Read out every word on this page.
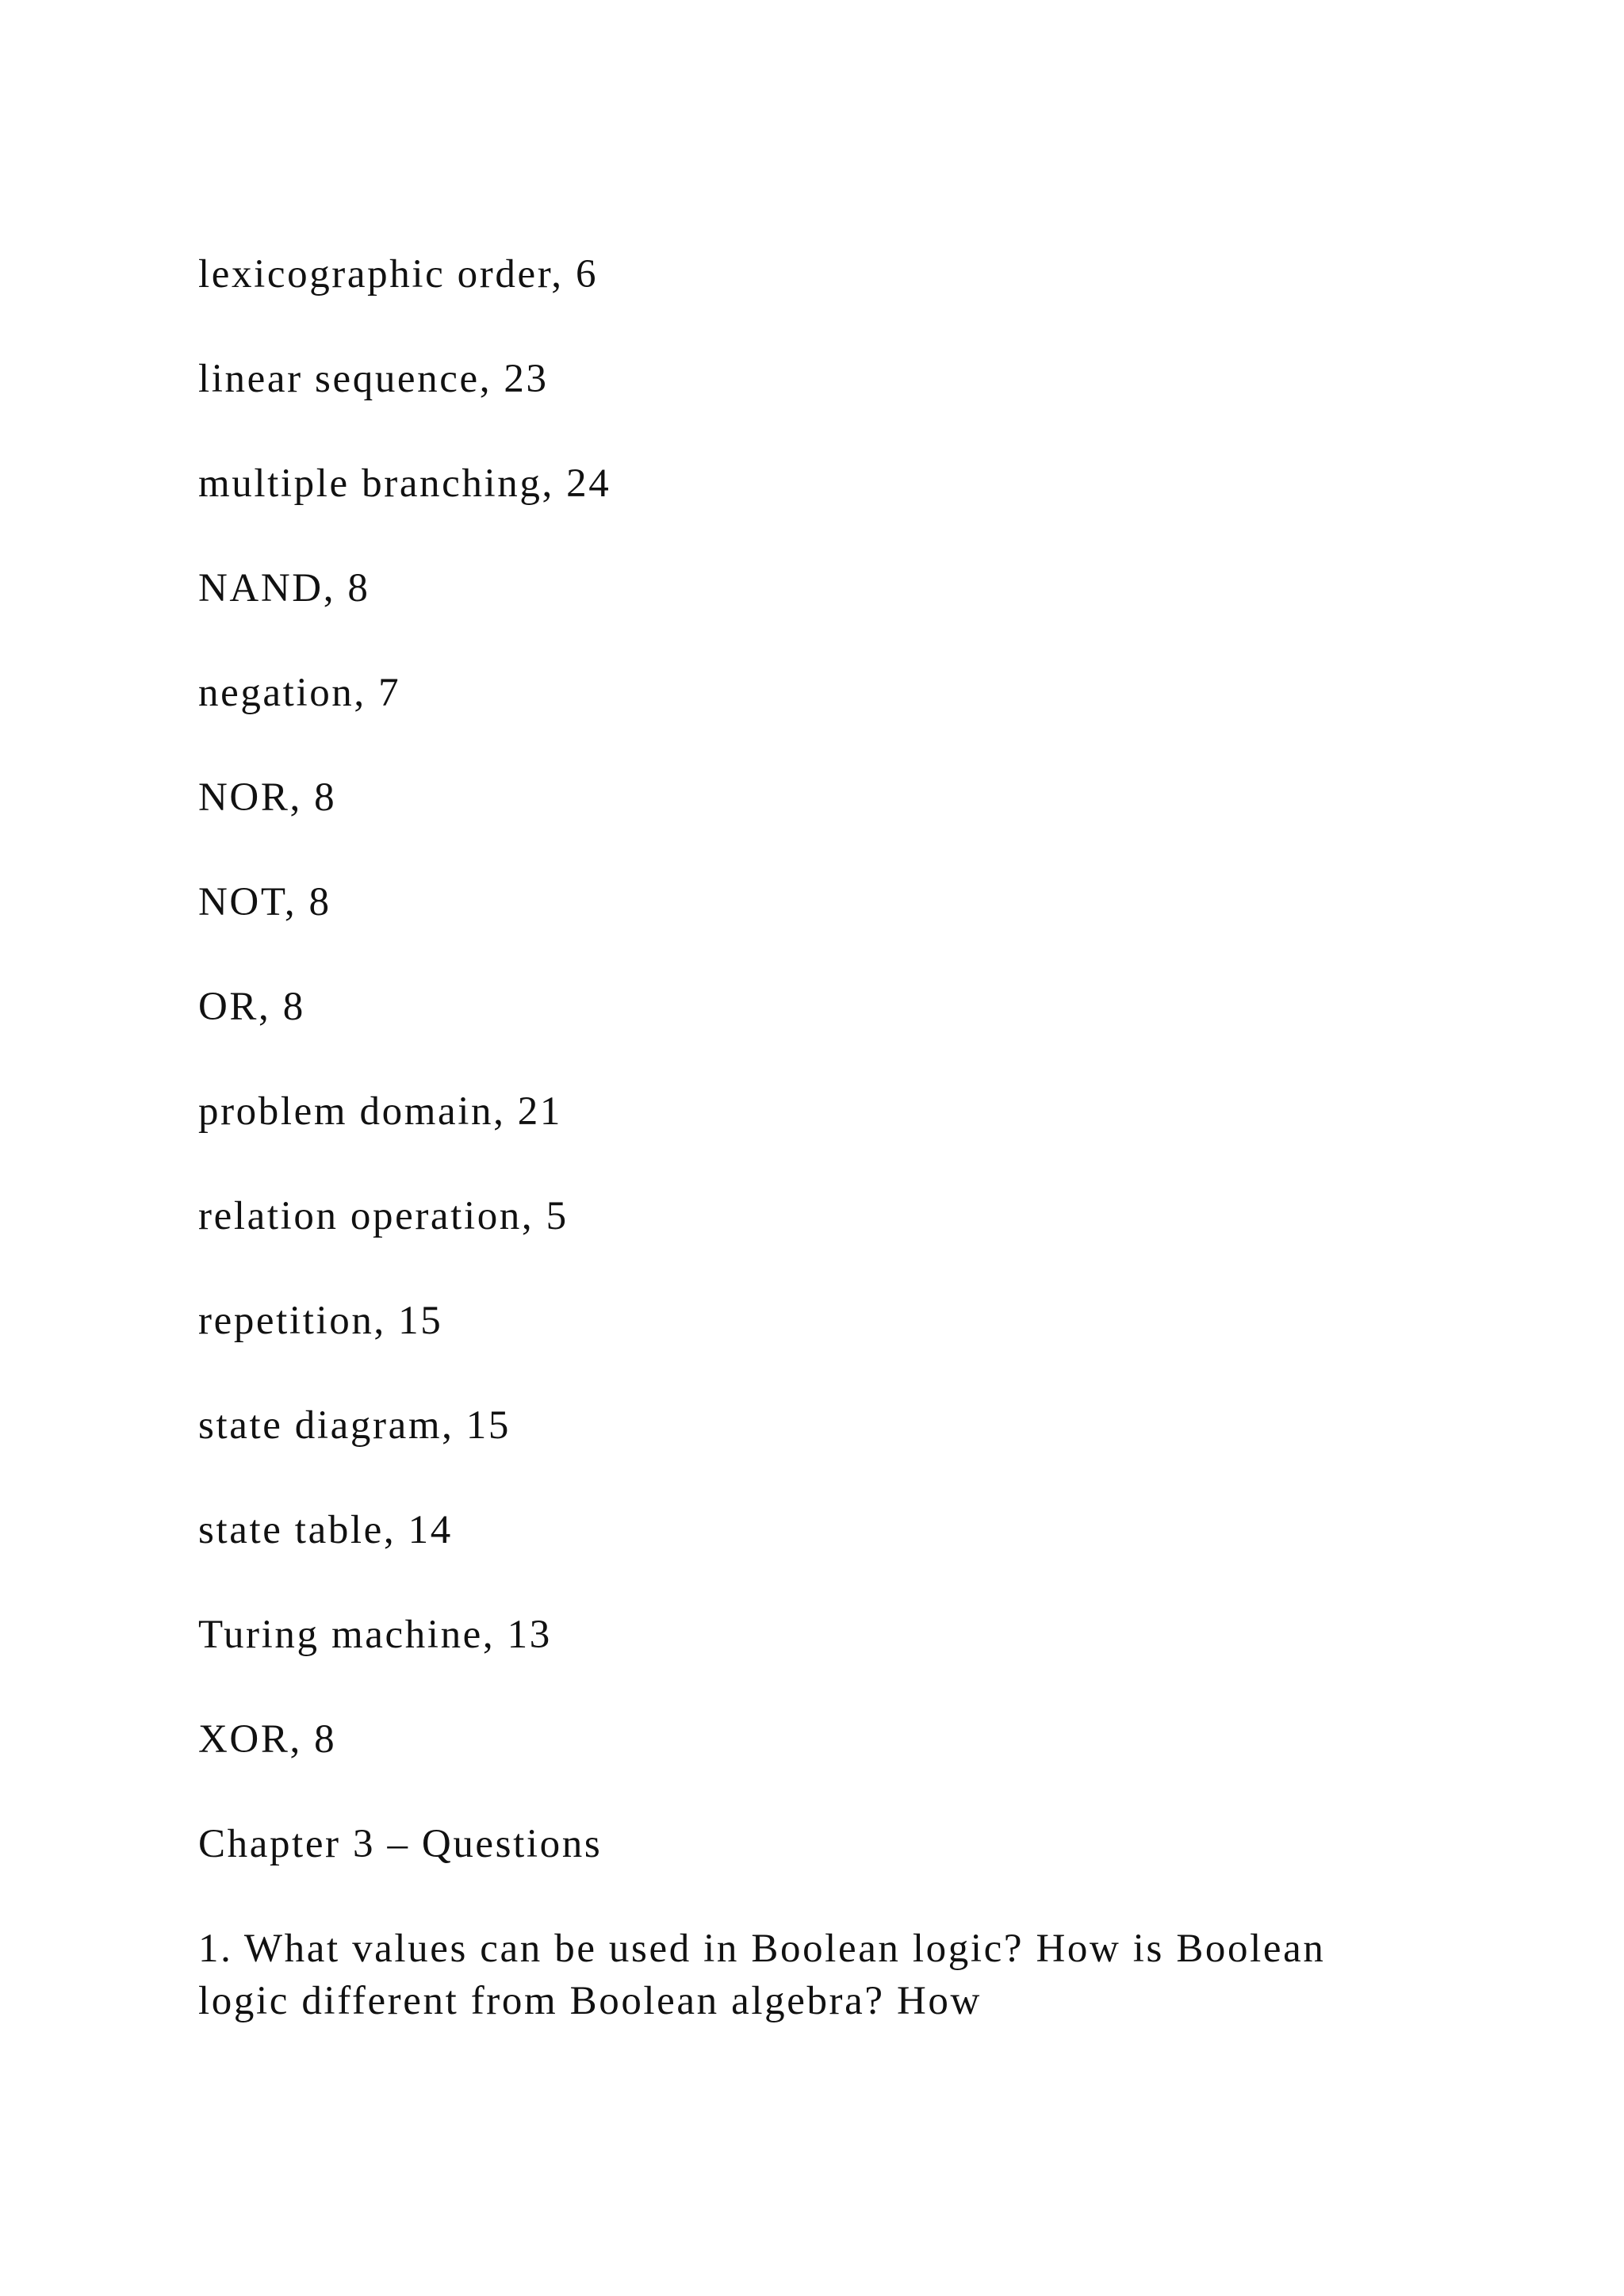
lexicographic order, 6
linear sequence, 23
multiple branching, 24
NAND, 8
negation, 7
NOR, 8
NOT, 8
OR, 8
problem domain, 21
relation operation, 5
repetition, 15
state diagram, 15
state table, 14
Turing machine, 13
XOR, 8
Chapter 3 – Questions
1. What values can be used in Boolean logic? How is Boolean
logic different from Boolean algebra? How
